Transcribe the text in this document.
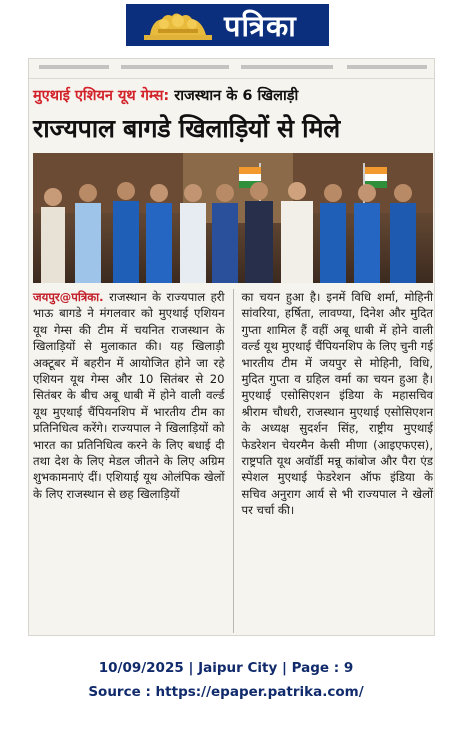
पत्रिका
मुएथाई एशियन यूथ गेम्स: राजस्थान के 6 खिलाड़ी
राज्यपाल बागडे खिलाड़ियों से मिले

जयपुर@पत्रिका. राजस्थान के राज्यपाल हरी भाऊ बागडे ने मंगलवार को मुएथाई एशियन यूथ गेम्स की टीम में चयनित राजस्थान के खिलाड़ियों से मुलाकात की। यह खिलाड़ी अक्टूबर में बहरीन में आयोजित होने जा रहे एशियन यूथ गेम्स और 10 सितंबर से 20 सितंबर के बीच अबू धाबी में होने वाली वर्ल्ड यूथ मुएथाई चैंपियनशिप में भारतीय टीम का प्रतिनिधित्व करेंगे। राज्यपाल ने खिलाड़ियों को भारत का प्रतिनिधित्व करने के लिए बधाई दी तथा देश के लिए मेडल जीतने के लिए अग्रिम शुभकामनाएं दीं। एशियाई यूथ ओलंपिक खेलों के लिए राजस्थान से छह खिलाड़ियों

का चयन हुआ है। इनमें विधि शर्मा, मोहिनी सांवरिया, हर्षिता, लावण्या, दिनेश और मुदित गुप्ता शामिल हैं वहीं अबू धाबी में होने वाली वर्ल्ड यूथ मुएथाई चैंपियनशिप के लिए चुनी गई भारतीय टीम में जयपुर से मोहिनी, विधि, मुदित गुप्ता व ग्रहिल वर्मा का चयन हुआ है। मुएथाई एसोसिएशन इंडिया के महासचिव श्रीराम चौधरी, राजस्थान मुएथाई एसोसिएशन के अध्यक्ष सुदर्शन सिंह, राष्ट्रीय मुएथाई फेडरेशन चेयरमैन केसी मीणा (आइएफएस), राष्ट्रपति यूथ अवॉर्डी मन्नू कांबोज और पैरा एंड स्पेशल मुएथाई फेडरेशन ऑफ इंडिया के सचिव अनुराग आर्य से भी राज्यपाल ने खेलों पर चर्चा की।

10/09/2025 | Jaipur City | Page : 9
Source : https://epaper.patrika.com/
